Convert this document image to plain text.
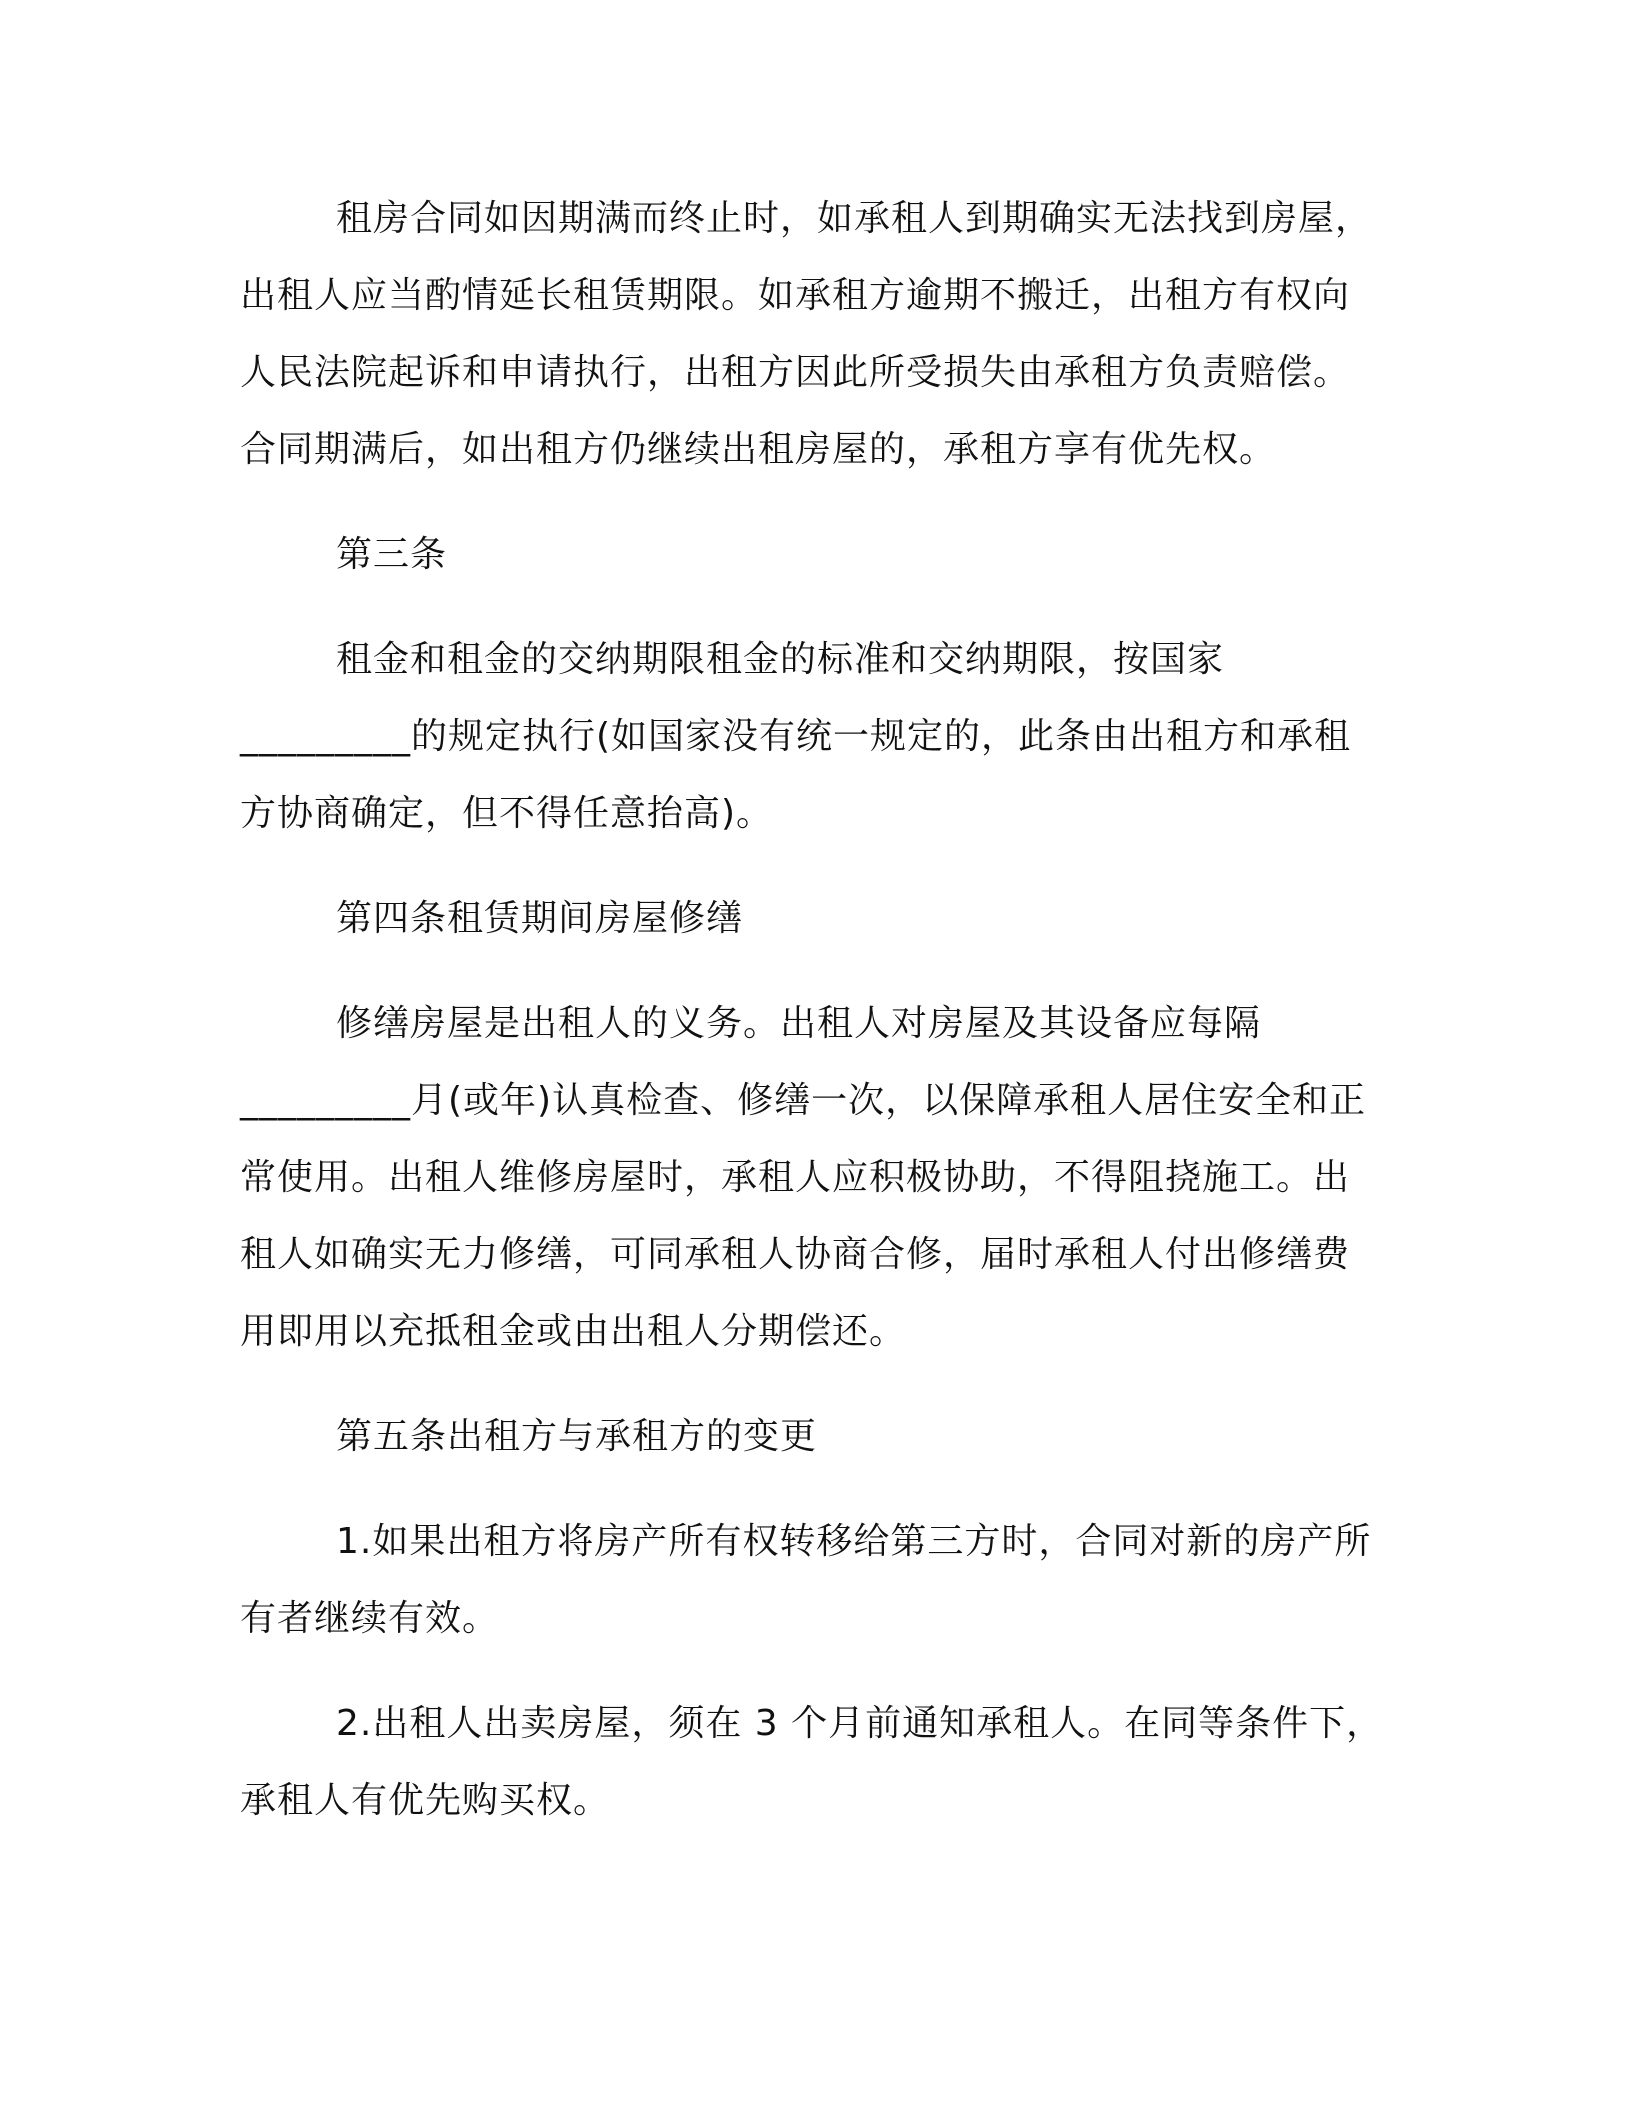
租房合同如因期满而终止时，如承租人到期确实无法找到房屋，
出租人应当酌情延长租赁期限。如承租方逾期不搬迁，出租方有权向
人民法院起诉和申请执行，出租方因此所受损失由承租方负责赔偿。
合同期满后，如出租方仍继续出租房屋的，承租方享有优先权。

第三条

租金和租金的交纳期限租金的标准和交纳期限，按国家
_________的规定执行(如国家没有统一规定的，此条由出租方和承租
方协商确定，但不得任意抬高)。

第四条租赁期间房屋修缮

修缮房屋是出租人的义务。出租人对房屋及其设备应每隔
_________月(或年)认真检查、修缮一次，以保障承租人居住安全和正
常使用。出租人维修房屋时，承租人应积极协助，不得阻挠施工。出
租人如确实无力修缮，可同承租人协商合修，届时承租人付出修缮费
用即用以充抵租金或由出租人分期偿还。

第五条出租方与承租方的变更

1.如果出租方将房产所有权转移给第三方时，合同对新的房产所
有者继续有效。

2.出租人出卖房屋，须在 3 个月前通知承租人。在同等条件下，
承租人有优先购买权。
